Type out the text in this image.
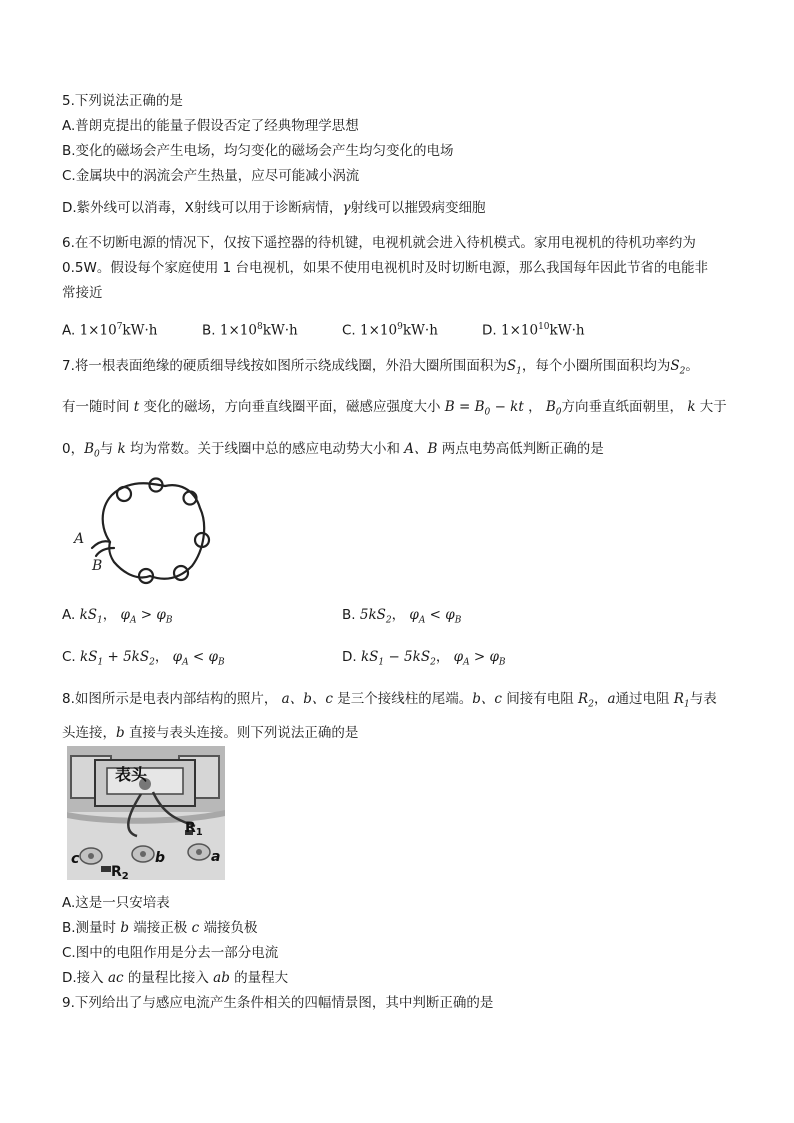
5.下列说法正确的是
A.普朗克提出的能量子假设否定了经典物理学思想
B.变化的磁场会产生电场，均匀变化的磁场会产生均匀变化的电场
C.金属块中的涡流会产生热量，应尽可能减小涡流
D.紫外线可以消毒，X射线可以用于诊断病情，γ射线可以摧毁病变细胞
6.在不切断电源的情况下，仅按下遥控器的待机键，电视机就会进入待机模式。家用电视机的待机功率约为
0.5W。假设每个家庭使用 1 台电视机，如果不使用电视机时及时切断电源，那么我国每年因此节省的电能非
常接近
A. $1\times 10^7kW\cdot h$	B. $1\times 10^8kW\cdot h$	C. $1\times 10^9kW\cdot h$	D. $1\times 10^{10}kW\cdot h$
7.将一根表面绝缘的硬质细导线按如图所示绕成线圈，外沿大圈所围面积为$S_1$，每个小圈所围面积均为$S_2$。
有一随时间 t 变化的磁场，方向垂直线圈平面，磁感应强度大小 $B = B_0$ − kt ， $B_0$方向垂直纸面朝里， k 大于
0，$B_0$与 k 均为常数。关于线圈中总的感应电动势大小和 A、B 两点电势高低判断正确的是
A
B
A. $kS_1$， $\varphi_A > \varphi_B$	B. $5kS_2$， $\varphi_A < \varphi_B$
C. $kS_1 + 5kS_2$， $\varphi_A < \varphi_B$	D. $kS_1 - 5kS_2$， $\varphi_A > \varphi_B$
8.如图所示是电表内部结构的照片， a、b、c 是三个接线柱的尾端。b、c 间接有电阻 $R_2$，a通过电阻 $R_1$与表
头连接，b 直接与表头连接。则下列说法正确的是
表头
$R_1$
c	b	a
$R_2$
A.这是一只安培表
B.测量时 b 端接正极 c 端接负极
C.图中的电阻作用是分去一部分电流
D.接入 ac 的量程比接入 ab 的量程大
9.下列给出了与感应电流产生条件相关的四幅情景图，其中判断正确的是
